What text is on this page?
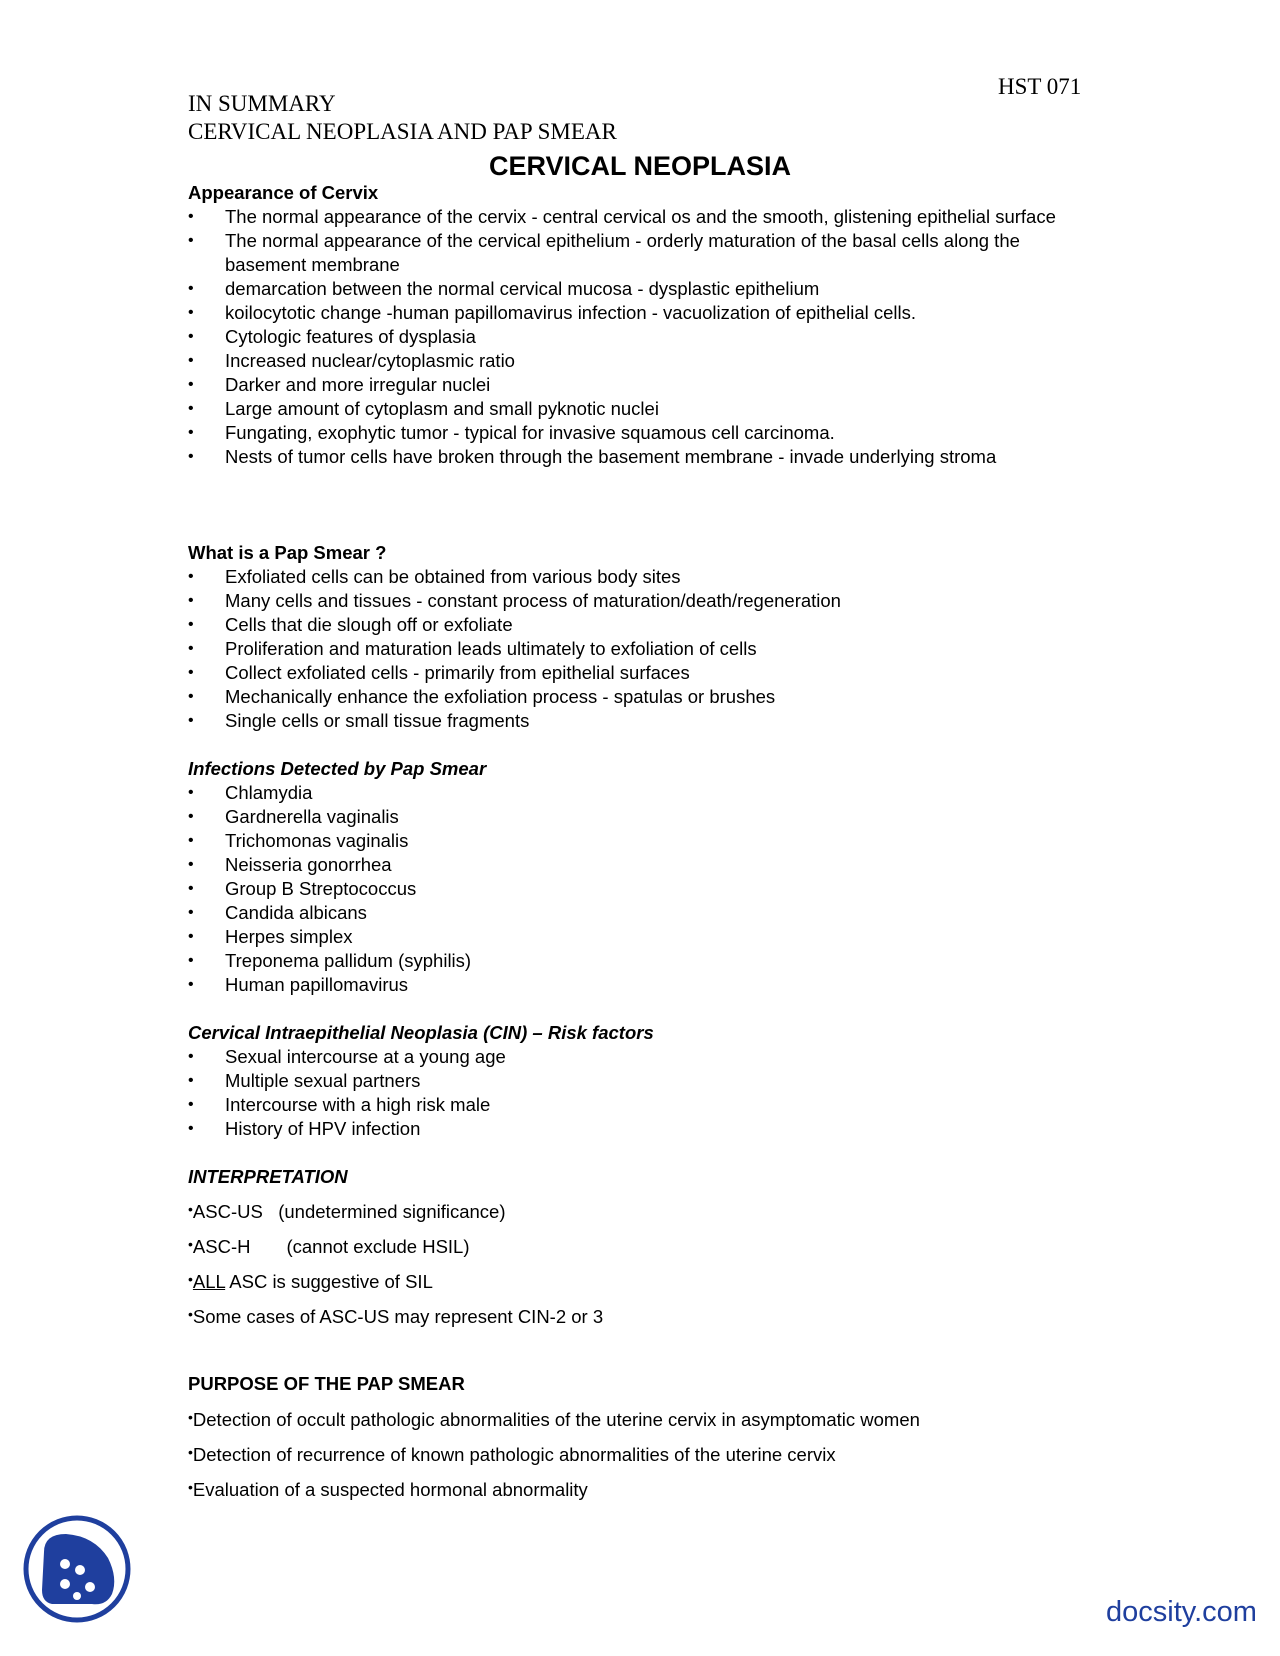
HST 071
IN SUMMARY
CERVICAL NEOPLASIA AND PAP SMEAR
CERVICAL NEOPLASIA
Appearance of Cervix
• The normal appearance of the cervix - central cervical os and the smooth, glistening epithelial surface
• The normal appearance of the cervical epithelium - orderly maturation of the basal cells along the basement membrane
• demarcation between the normal cervical mucosa - dysplastic epithelium
• koilocytotic change -human papillomavirus infection - vacuolization of epithelial cells.
• Cytologic features of dysplasia
• Increased nuclear/cytoplasmic ratio
• Darker and more irregular nuclei
• Large amount of cytoplasm and small pyknotic nuclei
• Fungating, exophytic tumor - typical for invasive squamous cell carcinoma.
• Nests of tumor cells have broken through the basement membrane - invade underlying stroma
What is a Pap Smear ?
• Exfoliated cells can be obtained from various body sites
• Many cells and tissues - constant process of maturation/death/regeneration
• Cells that die slough off or exfoliate
• Proliferation and maturation leads ultimately to exfoliation of cells
• Collect exfoliated cells - primarily from epithelial surfaces
• Mechanically enhance the exfoliation process - spatulas or brushes
• Single cells or small tissue fragments
Infections Detected by Pap Smear
• Chlamydia
• Gardnerella vaginalis
• Trichomonas vaginalis
• Neisseria gonorrhea
• Group B Streptococcus
• Candida albicans
• Herpes simplex
• Treponema pallidum (syphilis)
• Human papillomavirus
Cervical Intraepithelial Neoplasia (CIN) – Risk factors
• Sexual intercourse at a young age
• Multiple sexual partners
• Intercourse with a high risk male
• History of HPV infection
INTERPRETATION
•ASC-US (undetermined significance)
•ASC-H (cannot exclude HSIL)
•ALL ASC is suggestive of SIL
•Some cases of ASC-US may represent CIN-2 or 3
PURPOSE OF THE PAP SMEAR
•Detection of occult pathologic abnormalities of the uterine cervix in asymptomatic women
•Detection of recurrence of known pathologic abnormalities of the uterine cervix
•Evaluation of a suspected hormonal abnormality
docsity.com
